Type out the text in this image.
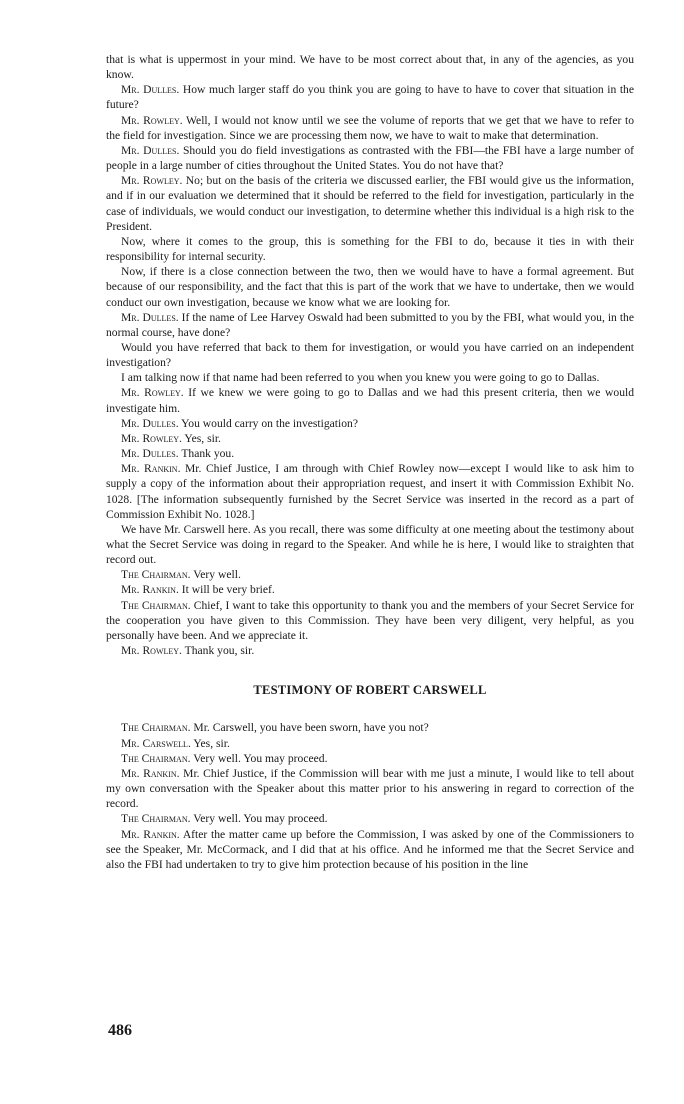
that is what is uppermost in your mind. We have to be most correct about that, in any of the agencies, as you know.

Mr. Dulles. How much larger staff do you think you are going to have to have to cover that situation in the future?

Mr. Rowley. Well, I would not know until we see the volume of reports that we get that we have to refer to the field for investigation. Since we are processing them now, we have to wait to make that determination.

Mr. Dulles. Should you do field investigations as contrasted with the FBI—the FBI have a large number of people in a large number of cities throughout the United States. You do not have that?

Mr. Rowley. No; but on the basis of the criteria we discussed earlier, the FBI would give us the information, and if in our evaluation we determined that it should be referred to the field for investigation, particularly in the case of individuals, we would conduct our investigation, to determine whether this individual is a high risk to the President.

Now, where it comes to the group, this is something for the FBI to do, because it ties in with their responsibility for internal security.

Now, if there is a close connection between the two, then we would have to have a formal agreement. But because of our responsibility, and the fact that this is part of the work that we have to undertake, then we would conduct our own investigation, because we know what we are looking for.

Mr. Dulles. If the name of Lee Harvey Oswald had been submitted to you by the FBI, what would you, in the normal course, have done?

Would you have referred that back to them for investigation, or would you have carried on an independent investigation?

I am talking now if that name had been referred to you when you knew you were going to go to Dallas.

Mr. Rowley. If we knew we were going to go to Dallas and we had this present criteria, then we would investigate him.

Mr. Dulles. You would carry on the investigation?

Mr. Rowley. Yes, sir.

Mr. Dulles. Thank you.

Mr. Rankin. Mr. Chief Justice, I am through with Chief Rowley now—except I would like to ask him to supply a copy of the information about their appropriation request, and insert it with Commission Exhibit No. 1028. [The information subsequently furnished by the Secret Service was inserted in the record as a part of Commission Exhibit No. 1028.]

We have Mr. Carswell here. As you recall, there was some difficulty at one meeting about the testimony about what the Secret Service was doing in regard to the Speaker. And while he is here, I would like to straighten that record out.

The Chairman. Very well.

Mr. Rankin. It will be very brief.

The Chairman. Chief, I want to take this opportunity to thank you and the members of your Secret Service for the cooperation you have given to this Commission. They have been very diligent, very helpful, as you personally have been. And we appreciate it.

Mr. Rowley. Thank you, sir.

TESTIMONY OF ROBERT CARSWELL

The Chairman. Mr. Carswell, you have been sworn, have you not?

Mr. Carswell. Yes, sir.

The Chairman. Very well. You may proceed.

Mr. Rankin. Mr. Chief Justice, if the Commission will bear with me just a minute, I would like to tell about my own conversation with the Speaker about this matter prior to his answering in regard to correction of the record.

The Chairman. Very well. You may proceed.

Mr. Rankin. After the matter came up before the Commission, I was asked by one of the Commissioners to see the Speaker, Mr. McCormack, and I did that at his office. And he informed me that the Secret Service and also the FBI had undertaken to try to give him protection because of his position in the line

486
